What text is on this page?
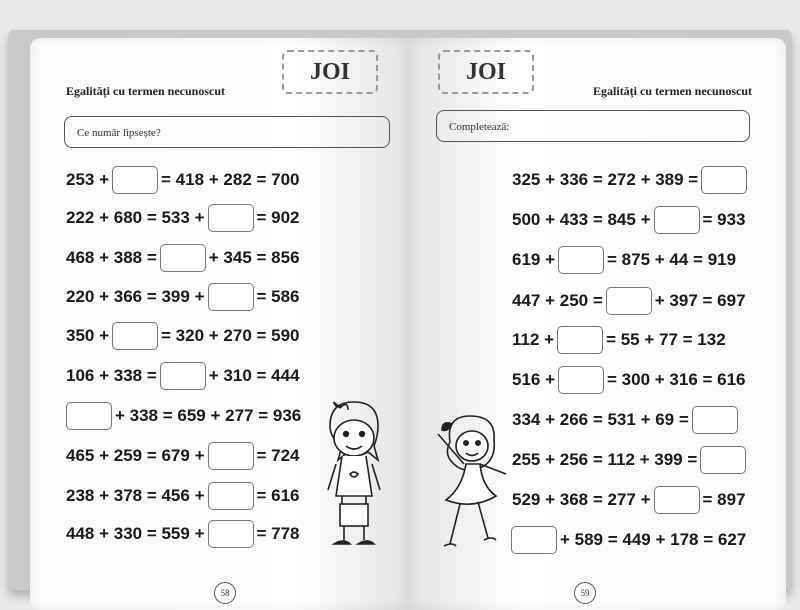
JOI
Egalități cu termen necunoscut
Ce număr lipsește?
253 +	= 418 + 282 = 700
222 + 680 = 533 +	= 902
468 + 388 =	+ 345 = 856
220 + 366 = 399 +	= 586
350 +	= 320 + 270 = 590
106 + 338 =	+ 310 = 444
+ 338 = 659 + 277 = 936
465 + 259 = 679 +	= 724
238 + 378 = 456 +	= 616
448 + 330 = 559 +	= 778
58
JOI
Egalități cu termen necunoscut
Completează:
325 + 336 = 272 + 389 =
500 + 433 = 845 +	= 933
619 +	= 875 + 44 = 919
447 + 250 =	+ 397 = 697
112 +	= 55 + 77 = 132
516 +	= 300 + 316 = 616
334 + 266 = 531 + 69 =
255 + 256 = 112 + 399 =
529 + 368 = 277 +	= 897
+ 589 = 449 + 178 = 627
59
